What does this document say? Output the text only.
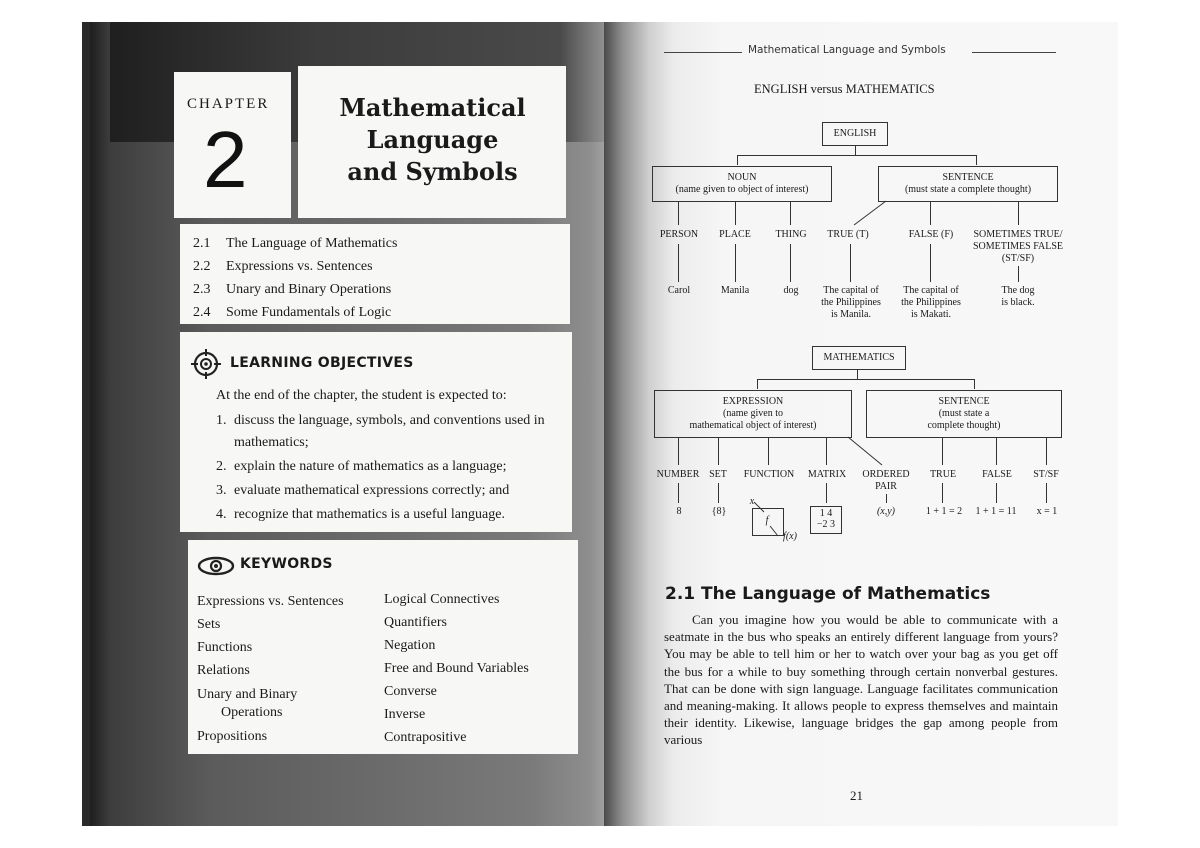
CHAPTER
2
Mathematical
Language
and Symbols
2.1 The Language of Mathematics
2.2 Expressions vs. Sentences
2.3 Unary and Binary Operations
2.4 Some Fundamentals of Logic
LEARNING OBJECTIVES
At the end of the chapter, the student is expected to:
1. discuss the language, symbols, and conventions used in mathematics;
2. explain the nature of mathematics as a language;
3. evaluate mathematical expressions correctly; and
4. recognize that mathematics is a useful language.
KEYWORDS
Expressions vs. Sentences
Sets
Functions
Relations
Unary and Binary
Operations
Propositions
Logical Connectives
Quantifiers
Negation
Free and Bound Variables
Converse
Inverse
Contrapositive
Mathematical Language and Symbols
ENGLISH versus MATHEMATICS
ENGLISH
NOUN
(name given to object of interest)
SENTENCE
(must state a complete thought)
PERSON	PLACE	THING	TRUE (T)	FALSE (F)	SOMETIMES TRUE/
SOMETIMES FALSE
(ST/SF)
Carol	Manila	dog	The capital of
the Philippines
is Manila.
The capital of
the Philippines
is Makati.
The dog
is black.
MATHEMATICS
EXPRESSION
(name given to
mathematical object of interest)
SENTENCE
(must state a
complete thought)
NUMBER SET	FUNCTION	MATRIX	ORDERED
PAIR
TRUE	FALSE	ST/SF
8	{8}
x
f
f(x)
1 4
−2 3
(x,y)	1 + 1 = 2	1 + 1 = 11	x = 1
2.1 The Language of Mathematics
Can you imagine how you would be able to communicate with a seatmate in the bus who speaks an entirely different language from yours? You may be able to tell him or her to watch over your bag as you get off the bus for a while to buy something through certain nonverbal gestures. That can be done with sign language. Language facilitates communication and meaning-making. It allows people to express themselves and maintain their identity. Likewise, language bridges the gap among people from various
21
